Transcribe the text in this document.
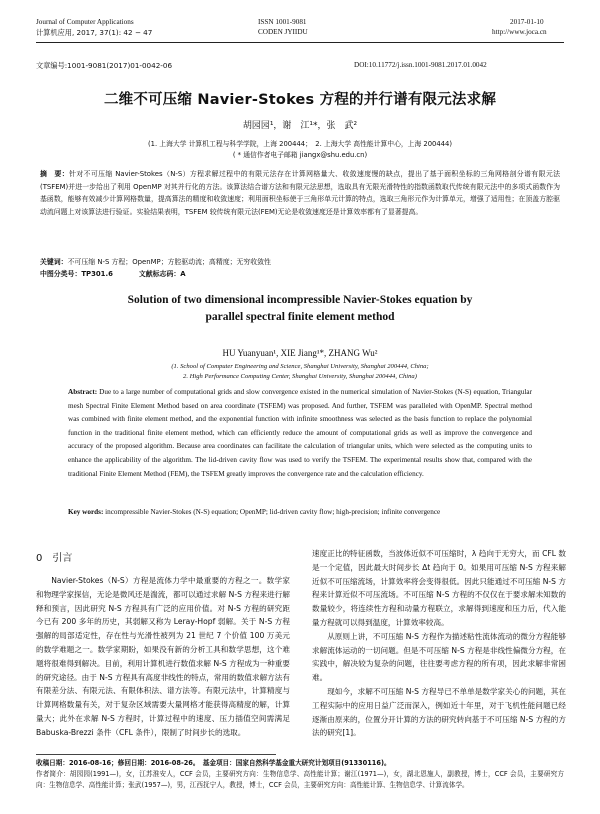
Journal of Computer Applications
计算机应用, 2017, 37(1): 42 − 47
ISSN 1001-9081
CODEN JYIIDU
2017-01-10
http://www.joca.cn
文章编号:1001-9081(2017)01-0042-06	DOI:10.11772/j.issn.1001-9081.2017.01.0042
二维不可压缩 Navier-Stokes 方程的并行谱有限元法求解
胡园园¹，谢　江¹*，张　武²
(1. 上海大学 计算机工程与科学学院，上海 200444；　2. 上海大学 高性能计算中心，上海 200444)
( * 通信作者电子邮箱 jiangx@shu.edu.cn)
摘　要：针对不可压缩 Navier-Stokes（N-S）方程求解过程中的有限元法存在计算网格量大、收敛速度慢的缺点，提出了基于面积坐标的三角网格剖分谱有限元法(TSFEM)并进一步给出了利用 OpenMP 对其并行化的方法。该算法结合谱方法和有限元法思想，选取具有无限光滑特性的指数函数取代传统有限元法中的多项式函数作为基函数，能够有效减少计算网格数量，提高算法的精度和收敛速度；利用面积坐标使于三角形单元计算的特点，选取三角形元作为计算单元，增强了适用性；在顶盖方腔驱动流问题上对该算法进行验证。实验结果表明，TSFEM 较传统有限元法(FEM)无论是收敛速度还是计算效率都有了显著提高。
关键词：不可压缩 N-S 方程；OpenMP；方腔驱动流；高精度；无穷收敛性
中图分类号：TP301.6	文献标志码：A
Solution of two dimensional incompressible Navier-Stokes equation by
parallel spectral finite element method
HU Yuanyuan¹, XIE Jiang¹*, ZHANG Wu²
(1. School of Computer Engineering and Science, Shanghai University, Shanghai 200444, China;
2. High Performance Computing Center, Shanghai University, Shanghai 200444, China)
Abstract: Due to a large number of computational grids and slow convergence existed in the numerical simulation of Navier-Stokes (N-S) equation, Triangular mesh Spectral Finite Element Method based on area coordinate (TSFEM) was proposed. And further, TSFEM was paralleled with OpenMP. Spectral method was combined with finite element method, and the exponential function with infinite smoothness was selected as the basis function to replace the polynomial function in the traditional finite element method, which can efficiently reduce the amount of computational grids as well as improve the convergence and accuracy of the proposed algorithm. Because area coordinates can facilitate the calculation of triangular units, which were selected as the computing units to enhance the applicability of the algorithm. The lid-driven cavity flow was used to verify the TSFEM. The experimental results show that, compared with the traditional Finite Element Method (FEM), the TSFEM greatly improves the convergence rate and the calculation efficiency.
Key words: incompressible Navier-Stokes (N-S) equation; OpenMP; lid-driven cavity flow; high-precision; infinite convergence
0　引言

Navier-Stokes（N-S）方程是流体力学中最重要的方程之一。数学家和物理学家探信，无论是微风还是湍流，都可以通过求解 N-S 方程来进行解释和预言，因此研究 N-S 方程具有广泛的应用价值。对 N-S 方程的研究距今已有 200 多年的历史，其弱解又称为 Leray-Hopf 弱解。关于 N-S 方程强解的局部适定性，存在性与光滑性被列为 21 世纪 7 个价值 100 万美元的数学难题之一。数学家期盼，如果没有新的分析工具和数学思想，这个难题将很难得到解决。目前，利用计算机进行数值求解 N-S 方程成为一种重要的研究途径。由于 N-S 方程具有高度非线性的特点，常用的数值求解方法有有限差分法、有限元法、有限体积法、谱方法等。有限元法中，计算精度与计算网格数量有关，对于复杂区域需要大量网格才能获得高精度的解，计算量大；此外在求解 N-S 方程时，计算过程中的速度、压力插值空间需满足 Babuska-Brezzi 条件（CFL 条件），限制了时间步长的选取。

速度正比的特征函数，当波体近似不可压缩时，λ 趋向于无穷大，而 CFL 数是一个定值，因此最大时间步长 Δt 趋向于 0。如果用可压缩 N-S 方程来解近似不可压缩流场，计算效率将会变得很低。因此只能通过不可压缩 N-S 方程来计算近似不可压流场。不可压缩 N-S 方程的不仅仅在于要求解未知数的数量较少，将连续性方程和动量方程联立，求解得到速度和压力后，代入能量方程就可以得到温度，计算效率较高。

从原则上讲，不可压缩 N-S 方程作为描述粘性流体流动的微分方程能够求解流体运动的一切问题。但是不可压缩 N-S 方程是非线性偏微分方程，在实践中，解决较为复杂的问题，往往要考虑方程的所有项，因此求解非常困难。

现如今，求解不可压缩 N-S 方程导已不单单是数学家关心的问题，其在工程实际中的应用日益广泛而深入，例如近十年里，对于飞机性能问题已经逐渐由原来的，位置分开计算的方法的研究转向基于不可压缩 N-S 方程的方法的研究[1]。

收稿日期：2016-08-16；修回日期：2016-08-26。　 基金项目：国家自然科学基金重大研究计划项目(91330116)。

作者简介：胡园园(1991—)，女，江苏淮安人，CCF 会员，主要研究方向：生物信息学、高性能计算；谢江(1971—)，女，湖北恩施人，副教授，博士，CCF 会员，主要研究方向：生物信息学、高性能计算；张武(1957—)，男，江西抚宁人，教授，博士，CCF 会员，主要研究方向：高性能计算、生物信息学、计算流体学。
